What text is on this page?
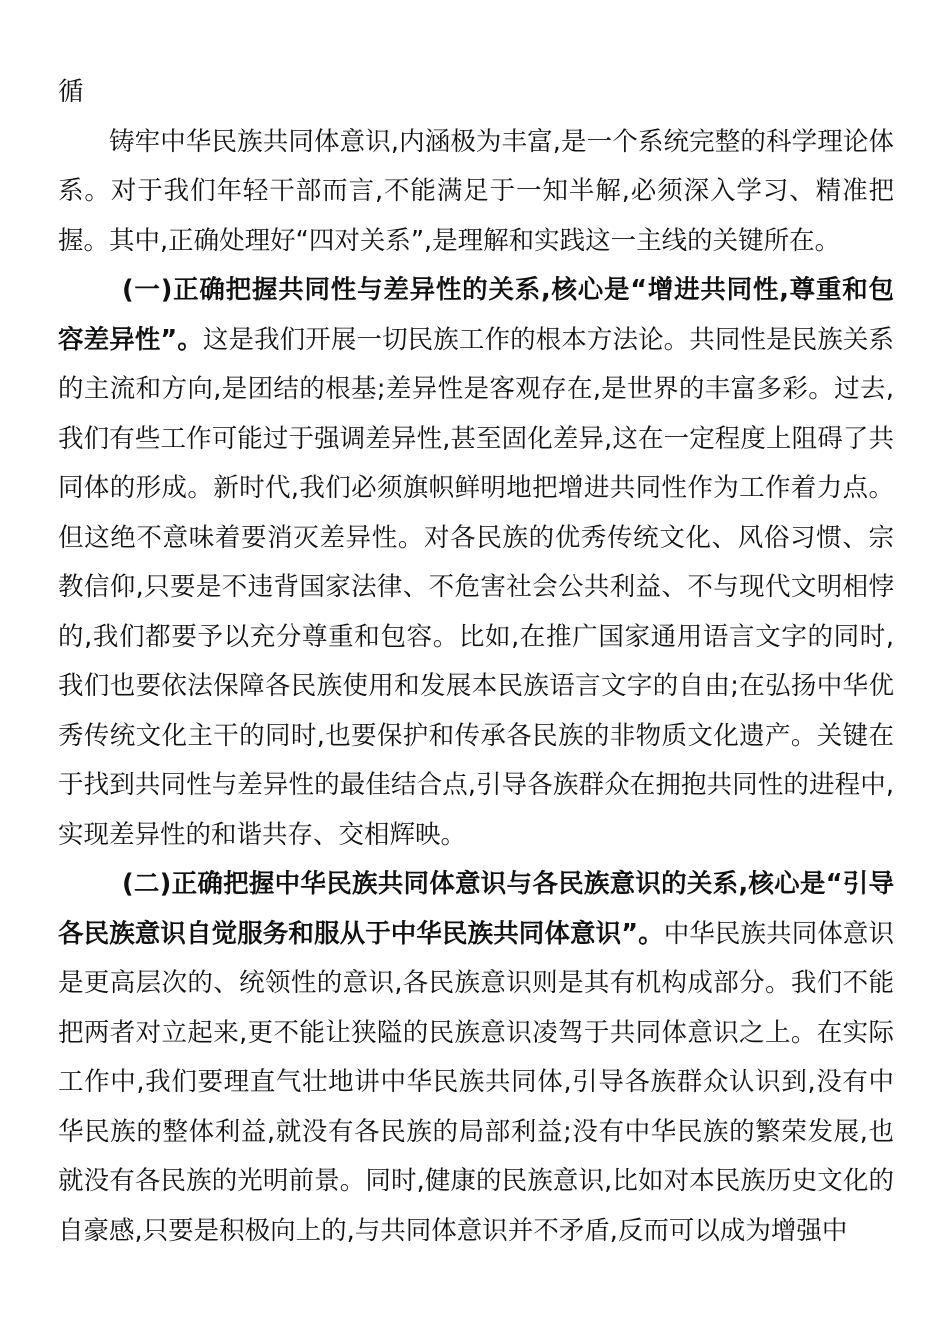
循

铸牢中华民族共同体意识,内涵极为丰富,是一个系统完整的科学理论体系。对于我们年轻干部而言,不能满足于一知半解,必须深入学习、精准把握。其中,正确处理好“四对关系”,是理解和实践这一主线的关键所在。

(一)正确把握共同性与差异性的关系,核心是“增进共同性,尊重和包容差异性”。这是我们开展一切民族工作的根本方法论。共同性是民族关系的主流和方向,是团结的根基;差异性是客观存在,是世界的丰富多彩。过去,我们有些工作可能过于强调差异性,甚至固化差异,这在一定程度上阻碍了共同体的形成。新时代,我们必须旗帜鲜明地把增进共同性作为工作着力点。但这绝不意味着要消灭差异性。对各民族的优秀传统文化、风俗习惯、宗教信仰,只要是不违背国家法律、不危害社会公共利益、不与现代文明相悖的,我们都要予以充分尊重和包容。比如,在推广国家通用语言文字的同时,我们也要依法保障各民族使用和发展本民族语言文字的自由;在弘扬中华优秀传统文化主干的同时,也要保护和传承各民族的非物质文化遗产。关键在于找到共同性与差异性的最佳结合点,引导各族群众在拥抱共同性的进程中,实现差异性的和谐共存、交相辉映。

(二)正确把握中华民族共同体意识与各民族意识的关系,核心是“引导各民族意识自觉服务和服从于中华民族共同体意识”。中华民族共同体意识是更高层次的、统领性的意识,各民族意识则是其有机构成部分。我们不能把两者对立起来,更不能让狭隘的民族意识凌驾于共同体意识之上。在实际工作中,我们要理直气壮地讲中华民族共同体,引导各族群众认识到,没有中华民族的整体利益,就没有各民族的局部利益;没有中华民族的繁荣发展,也就没有各民族的光明前景。同时,健康的民族意识,比如对本民族历史文化的自豪感,只要是积极向上的,与共同体意识并不矛盾,反而可以成为增强中
